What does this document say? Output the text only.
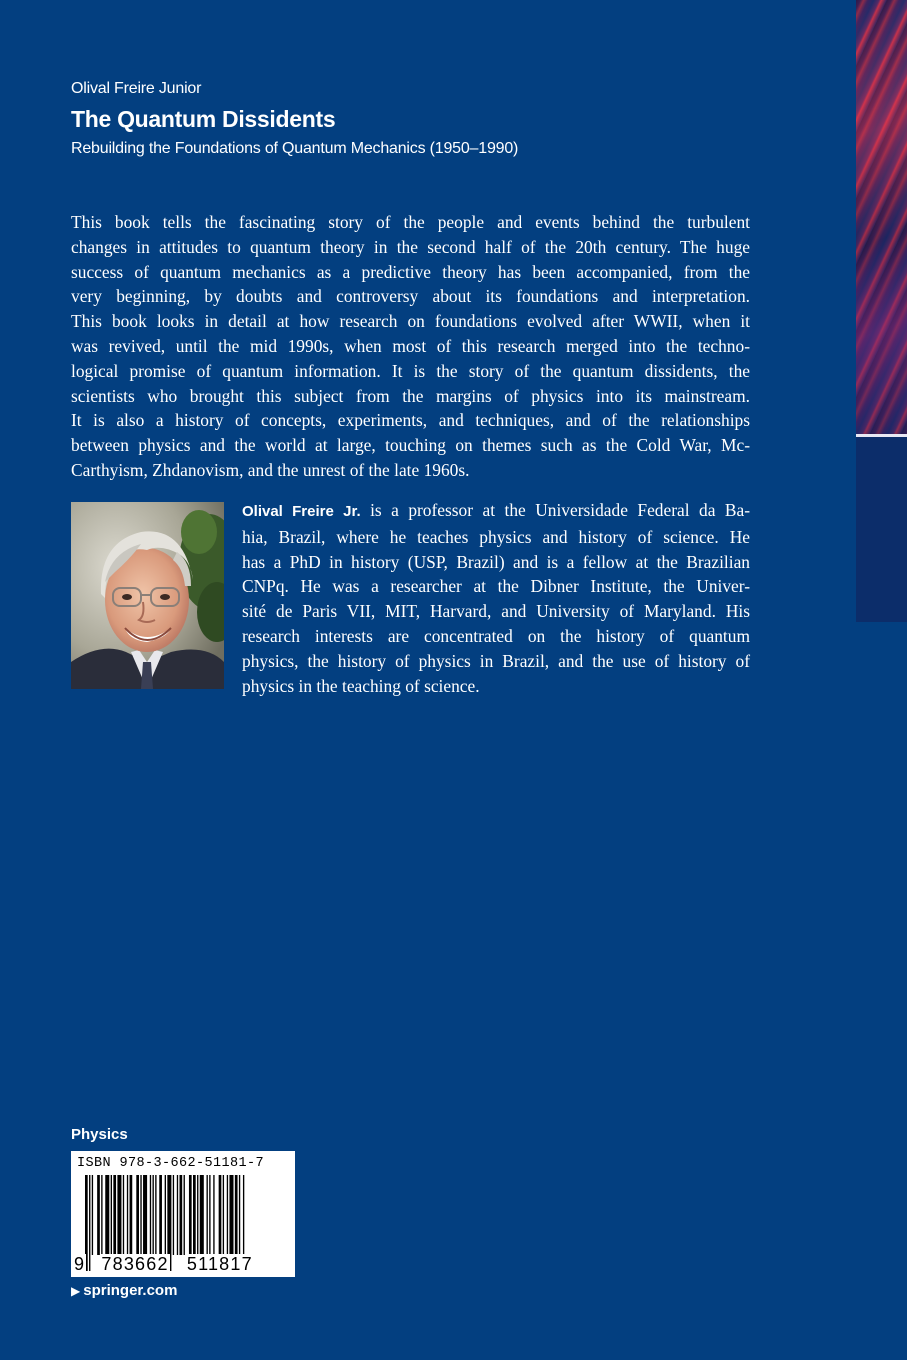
Olival Freire Junior
The Quantum Dissidents
Rebuilding the Foundations of Quantum Mechanics (1950–1990)
This book tells the fascinating story of the people and events behind the turbulent
changes in attitudes to quantum theory in the second half of the 20th century. The huge
success of quantum mechanics as a predictive theory has been accompanied, from the
very beginning, by doubts and controversy about its foundations and interpretation.
This book looks in detail at how research on foundations evolved after WWII, when it
was revived, until the mid 1990s, when most of this research merged into the techno-
logical promise of quantum information. It is the story of the quantum dissidents, the
scientists who brought this subject from the margins of physics into its mainstream.
It is also a history of concepts, experiments, and techniques, and of the relationships
between physics and the world at large, touching on themes such as the Cold War, Mc-
Carthyism, Zhdanovism, and the unrest of the late 1960s.
Olival Freire Jr. is a professor at the Universidade Federal da Ba-
hia, Brazil, where he teaches physics and history of science. He
has a PhD in history (USP, Brazil) and is a fellow at the Brazilian
CNPq. He was a researcher at the Dibner Institute, the Univer-
sité de Paris VII, MIT, Harvard, and University of Maryland. His
research interests are concentrated on the history of quantum
physics, the history of physics in Brazil, and the use of history of
physics in the teaching of science.
Physics
ISBN 978-3-662-51181-7
9 783662 511817
▶ springer.com
